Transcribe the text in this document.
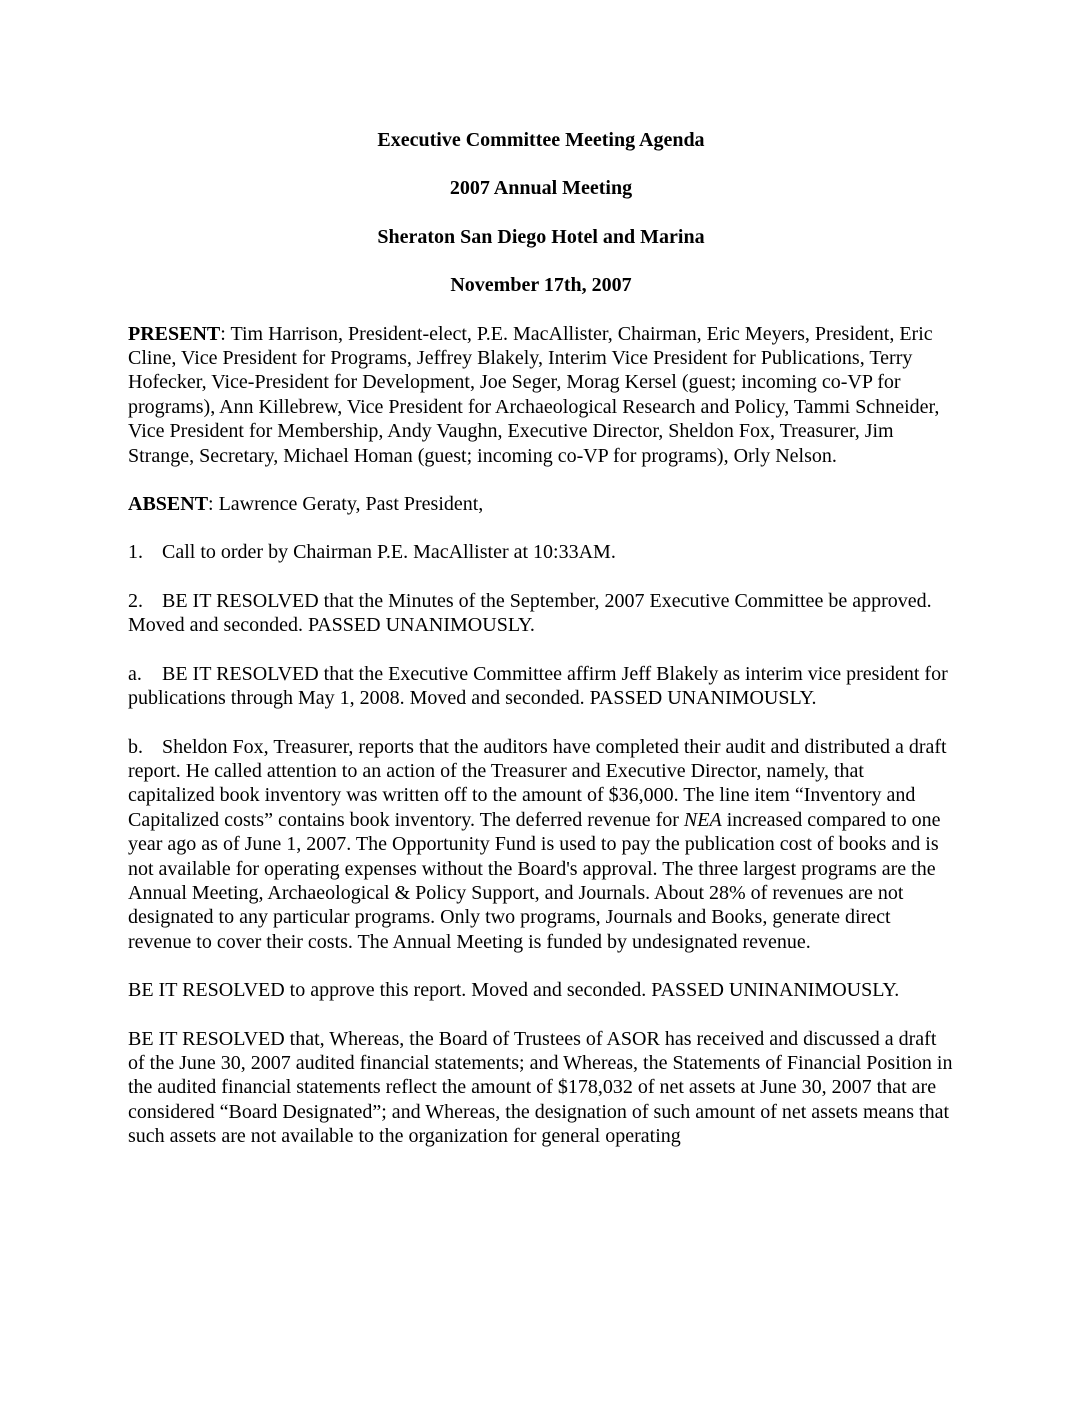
Executive Committee Meeting Agenda
2007 Annual Meeting
Sheraton San Diego Hotel and Marina
November 17th, 2007

PRESENT: Tim Harrison, President-elect, P.E. MacAllister, Chairman, Eric Meyers, President, Eric Cline, Vice President for Programs, Jeffrey Blakely, Interim Vice President for Publications, Terry Hofecker, Vice-President for Development, Joe Seger, Morag Kersel (guest; incoming co-VP for programs), Ann Killebrew, Vice President for Archaeological Research and Policy, Tammi Schneider, Vice President for Membership, Andy Vaughn, Executive Director, Sheldon Fox, Treasurer, Jim Strange, Secretary, Michael Homan (guest; incoming co-VP for programs), Orly Nelson.

ABSENT: Lawrence Geraty, Past President,

1. Call to order by Chairman P.E. MacAllister at 10:33AM.

2. BE IT RESOLVED that the Minutes of the September, 2007 Executive Committee be approved. Moved and seconded. PASSED UNANIMOUSLY.

a. BE IT RESOLVED that the Executive Committee affirm Jeff Blakely as interim vice president for publications through May 1, 2008. Moved and seconded. PASSED UNANIMOUSLY.

b. Sheldon Fox, Treasurer, reports that the auditors have completed their audit and distributed a draft report. He called attention to an action of the Treasurer and Executive Director, namely, that capitalized book inventory was written off to the amount of $36,000. The line item “Inventory and Capitalized costs” contains book inventory. The deferred revenue for NEA increased compared to one year ago as of June 1, 2007. The Opportunity Fund is used to pay the publication cost of books and is not available for operating expenses without the Board's approval. The three largest programs are the Annual Meeting, Archaeological & Policy Support, and Journals. About 28% of revenues are not designated to any particular programs. Only two programs, Journals and Books, generate direct revenue to cover their costs. The Annual Meeting is funded by undesignated revenue.

BE IT RESOLVED to approve this report. Moved and seconded. PASSED UNINANIMOUSLY.

BE IT RESOLVED that, Whereas, the Board of Trustees of ASOR has received and discussed a draft of the June 30, 2007 audited financial statements; and Whereas, the Statements of Financial Position in the audited financial statements reflect the amount of $178,032 of net assets at June 30, 2007 that are considered “Board Designated”; and Whereas, the designation of such amount of net assets means that such assets are not available to the organization for general operating
